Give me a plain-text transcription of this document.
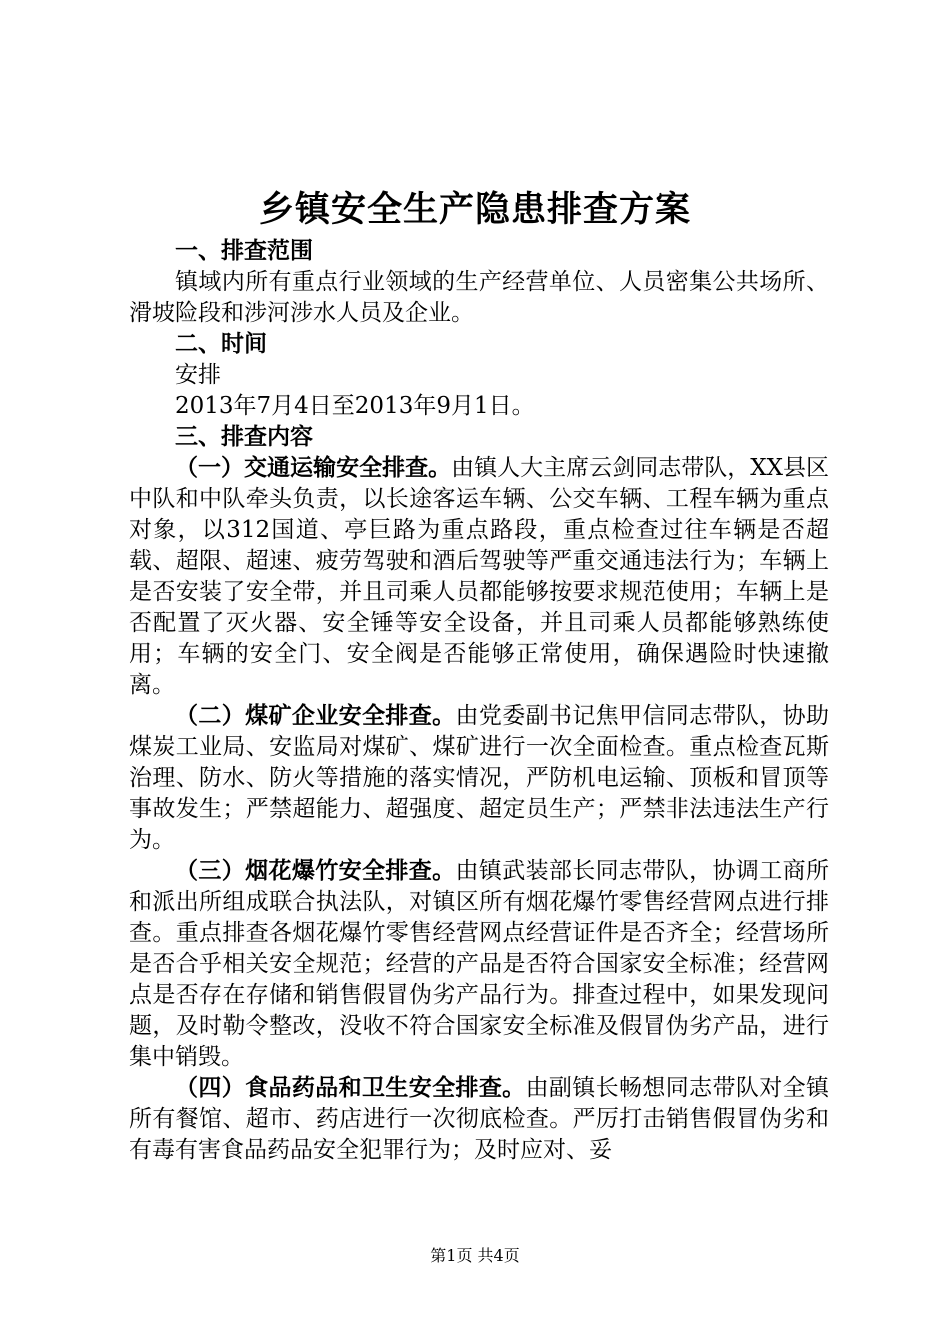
乡镇安全生产隐患排查方案

一、排查范围

镇域内所有重点行业领域的生产经营单位、人员密集公共场所、滑坡险段和涉河涉水人员及企业。

二、时间

安排

2013年7月4日至2013年9月1日。

三、排查内容

（一）交通运输安全排查。由镇人大主席云剑同志带队，XX县区中队和中队牵头负责，以长途客运车辆、公交车辆、工程车辆为重点对象，以312国道、亭巨路为重点路段，重点检查过往车辆是否超载、超限、超速、疲劳驾驶和酒后驾驶等严重交通违法行为；车辆上是否安装了安全带，并且司乘人员都能够按要求规范使用；车辆上是否配置了灭火器、安全锤等安全设备，并且司乘人员都能够熟练使用；车辆的安全门、安全阀是否能够正常使用，确保遇险时快速撤离。

（二）煤矿企业安全排查。由党委副书记焦甲信同志带队，协助煤炭工业局、安监局对煤矿、煤矿进行一次全面检查。重点检查瓦斯治理、防水、防火等措施的落实情况，严防机电运输、顶板和冒顶等事故发生；严禁超能力、超强度、超定员生产；严禁非法违法生产行为。

（三）烟花爆竹安全排查。由镇武装部长同志带队，协调工商所和派出所组成联合执法队，对镇区所有烟花爆竹零售经营网点进行排查。重点排查各烟花爆竹零售经营网点经营证件是否齐全；经营场所是否合乎相关安全规范；经营的产品是否符合国家安全标准；经营网点是否存在存储和销售假冒伪劣产品行为。排查过程中，如果发现问题，及时勒令整改，没收不符合国家安全标准及假冒伪劣产品，进行集中销毁。

（四）食品药品和卫生安全排查。由副镇长畅想同志带队对全镇所有餐馆、超市、药店进行一次彻底检查。严厉打击销售假冒伪劣和有毒有害食品药品安全犯罪行为；及时应对、妥

第1页 共4页
